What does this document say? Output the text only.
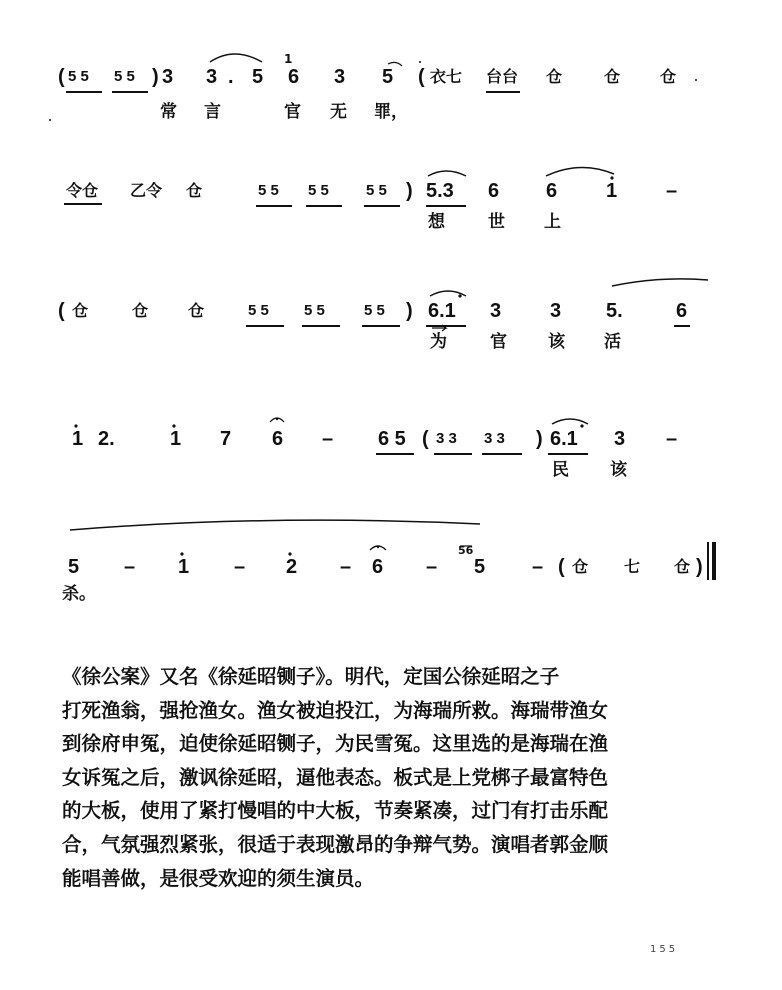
( 5 5 5 5 ) 3 3 . 5
1
6 3 5 ( 衣七 台台 仓	仓 仓
常 言	官 无 罪，
令仓 乙令 仓	5 5 5 5 5 5 ) 5.3 6 6 1 –
想	世 上
( 仓	仓 仓	5 5 5 5	5 5 ) 6.1 3 3 5.	6
为	官 该 活
1 2.	1 7 6 – 6 5 ( 3 3 3 3 ) 6.1 3 –
民 该
5 – 1 – 2 – 6 –
56
5 – ( 仓 七 仓 )
杀。
《徐公案》又名《徐延昭铡子》。明代，定国公徐延昭之子
打死渔翁，强抢渔女。渔女被迫投江，为海瑞所救。海瑞带渔女
到徐府申冤，迫使徐延昭铡子，为民雪冤。这里选的是海瑞在渔
女诉冤之后，激讽徐延昭，逼他表态。板式是上党梆子最富特色
的大板，使用了紧打慢唱的中大板，节奏紧凑，过门有打击乐配
合，气氛强烈紧张，很适于表现激昂的争辩气势。演唱者郭金顺
能唱善做，是很受欢迎的须生演员。
155
